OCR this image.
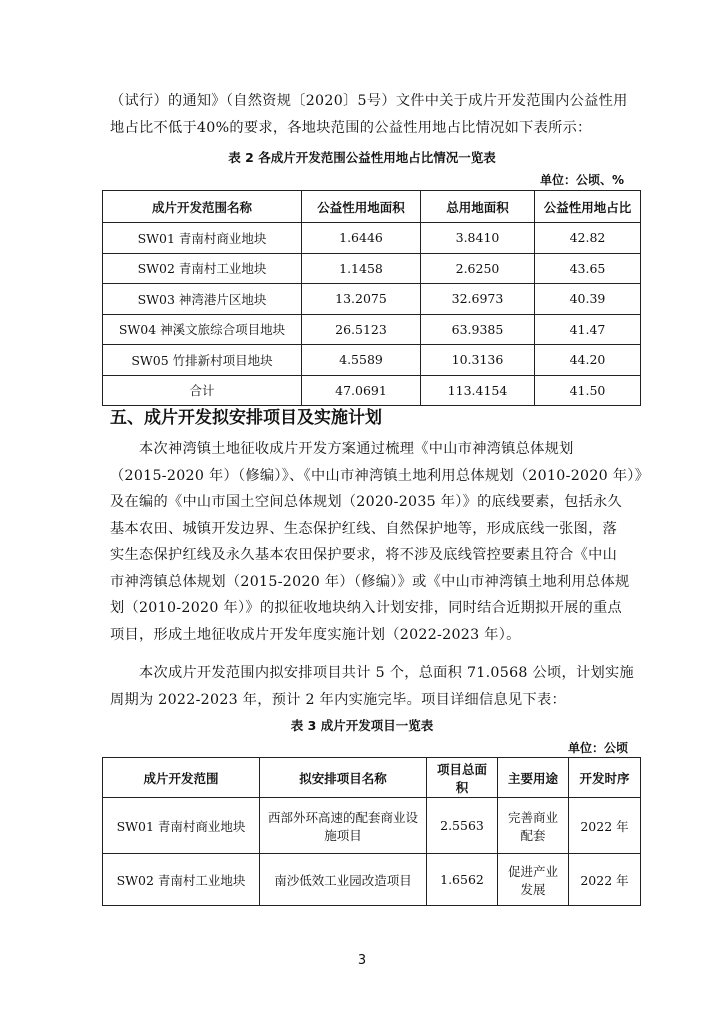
（试行）的通知》（自然资规〔2020〕5号）文件中关于成片开发范围内公益性用
地占比不低于40%的要求，各地块范围的公益性用地占比情况如下表所示：
表 2 各成片开发范围公益性用地占比情况一览表
单位：公顷、%
成片开发范围名称	公益性用地面积	总用地面积	公益性用地占比
SW01 青南村商业地块	1.6446	3.8410	42.82
SW02 青南村工业地块	1.1458	2.6250	43.65
SW03 神湾港片区地块	13.2075	32.6973	40.39
SW04 神溪文旅综合项目地块	26.5123	63.9385	41.47
SW05 竹排新村项目地块	4.5589	10.3136	44.20
合计	47.0691	113.4154	41.50
五、成片开发拟安排项目及实施计划
　　本次神湾镇土地征收成片开发方案通过梳理《中山市神湾镇总体规划
（2015-2020 年）（修编）》、《中山市神湾镇土地利用总体规划（2010-2020 年）》
及在编的《中山市国土空间总体规划（2020-2035 年）》的底线要素，包括永久
基本农田、城镇开发边界、生态保护红线、自然保护地等，形成底线一张图，落
实生态保护红线及永久基本农田保护要求，将不涉及底线管控要素且符合《中山
市神湾镇总体规划（2015-2020 年）（修编）》或《中山市神湾镇土地利用总体规
划（2010-2020 年）》的拟征收地块纳入计划安排，同时结合近期拟开展的重点
项目，形成土地征收成片开发年度实施计划（2022-2023 年）。
　　本次成片开发范围内拟安排项目共计 5 个，总面积 71.0568 公顷，计划实施
周期为 2022-2023 年，预计 2 年内实施完毕。项目详细信息见下表：
表 3 成片开发项目一览表
单位：公顷
成片开发范围	拟安排项目名称	项目总面积	主要用途	开发时序
SW01 青南村商业地块	西部外环高速的配套商业设施项目	2.5563	完善商业配套	2022 年
SW02 青南村工业地块	南沙低效工业园改造项目	1.6562	促进产业发展	2022 年
3
